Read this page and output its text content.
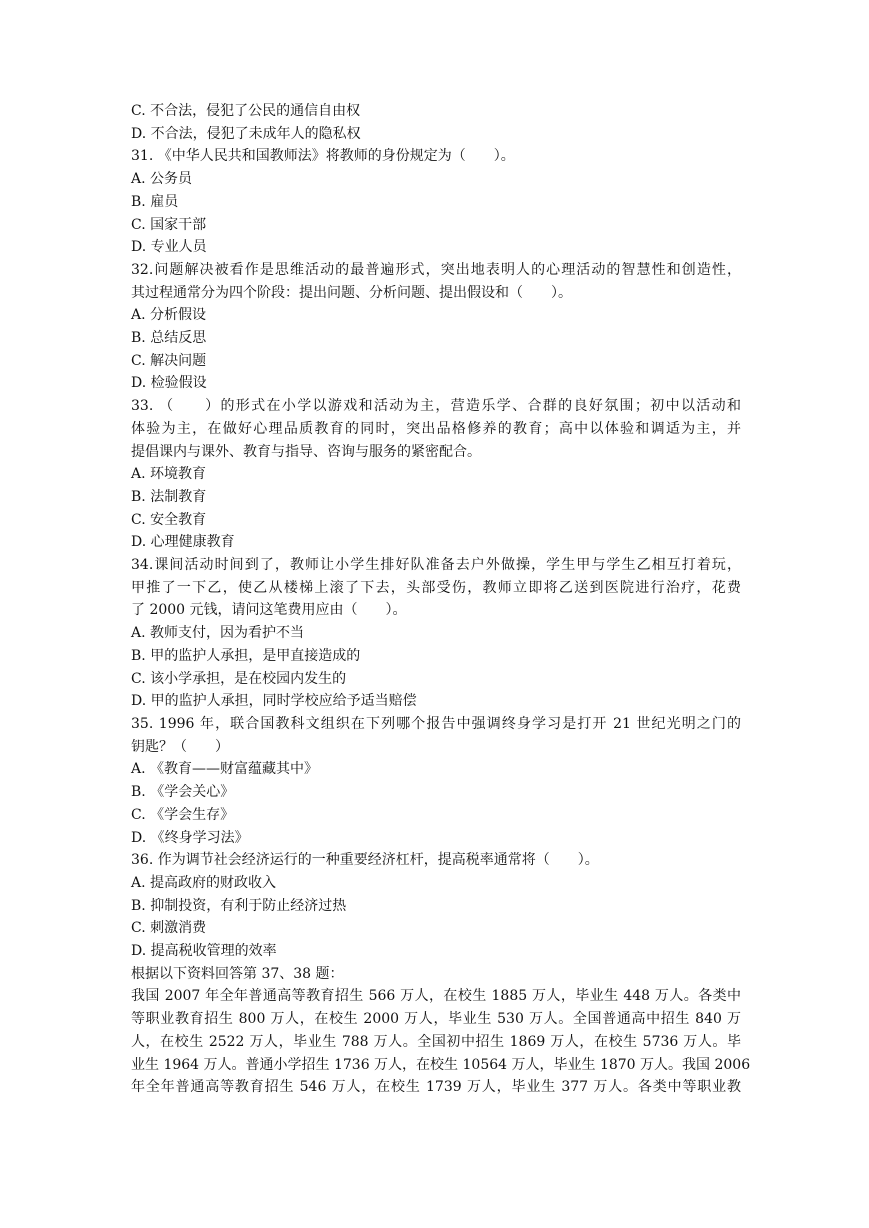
C. 不合法，侵犯了公民的通信自由权
D. 不合法，侵犯了未成年人的隐私权
31. 《中华人民共和国教师法》将教师的身份规定为（　　）。
A. 公务员
B. 雇员
C. 国家干部
D. 专业人员
32.问题解决被看作是思维活动的最普遍形式，突出地表明人的心理活动的智慧性和创造性，
其过程通常分为四个阶段：提出问题、分析问题、提出假设和（　　）。
A. 分析假设
B. 总结反思
C. 解决问题
D. 检验假设
33. （　　）的形式在小学以游戏和活动为主，营造乐学、合群的良好氛围；初中以活动和
体验为主，在做好心理品质教育的同时，突出品格修养的教育；高中以体验和调适为主，并
提倡课内与课外、教育与指导、咨询与服务的紧密配合。
A. 环境教育
B. 法制教育
C. 安全教育
D. 心理健康教育
34.课间活动时间到了，教师让小学生排好队准备去户外做操，学生甲与学生乙相互打着玩，
甲推了一下乙，使乙从楼梯上滚了下去，头部受伤，教师立即将乙送到医院进行治疗，花费
了 2000 元钱，请问这笔费用应由（　　）。
A. 教师支付，因为看护不当
B. 甲的监护人承担，是甲直接造成的
C. 该小学承担，是在校园内发生的
D. 甲的监护人承担，同时学校应给予适当赔偿
35. 1996 年，联合国教科文组织在下列哪个报告中强调终身学习是打开 21 世纪光明之门的
钥匙？（　　）
A. 《教育——财富蕴藏其中》
B. 《学会关心》
C. 《学会生存》
D. 《终身学习法》
36. 作为调节社会经济运行的一种重要经济杠杆，提高税率通常将（　　）。
A. 提高政府的财政收入
B. 抑制投资，有利于防止经济过热
C. 刺激消费
D. 提高税收管理的效率
根据以下资料回答第 37、38 题：
我国 2007 年全年普通高等教育招生 566 万人，在校生 1885 万人，毕业生 448 万人。各类中
等职业教育招生 800 万人，在校生 2000 万人，毕业生 530 万人。全国普通高中招生 840 万
人，在校生 2522 万人，毕业生 788 万人。全国初中招生 1869 万人，在校生 5736 万人。毕
业生 1964 万人。普通小学招生 1736 万人，在校生 10564 万人，毕业生 1870 万人。我国 2006
年全年普通高等教育招生 546 万人，在校生 1739 万人，毕业生 377 万人。各类中等职业教
